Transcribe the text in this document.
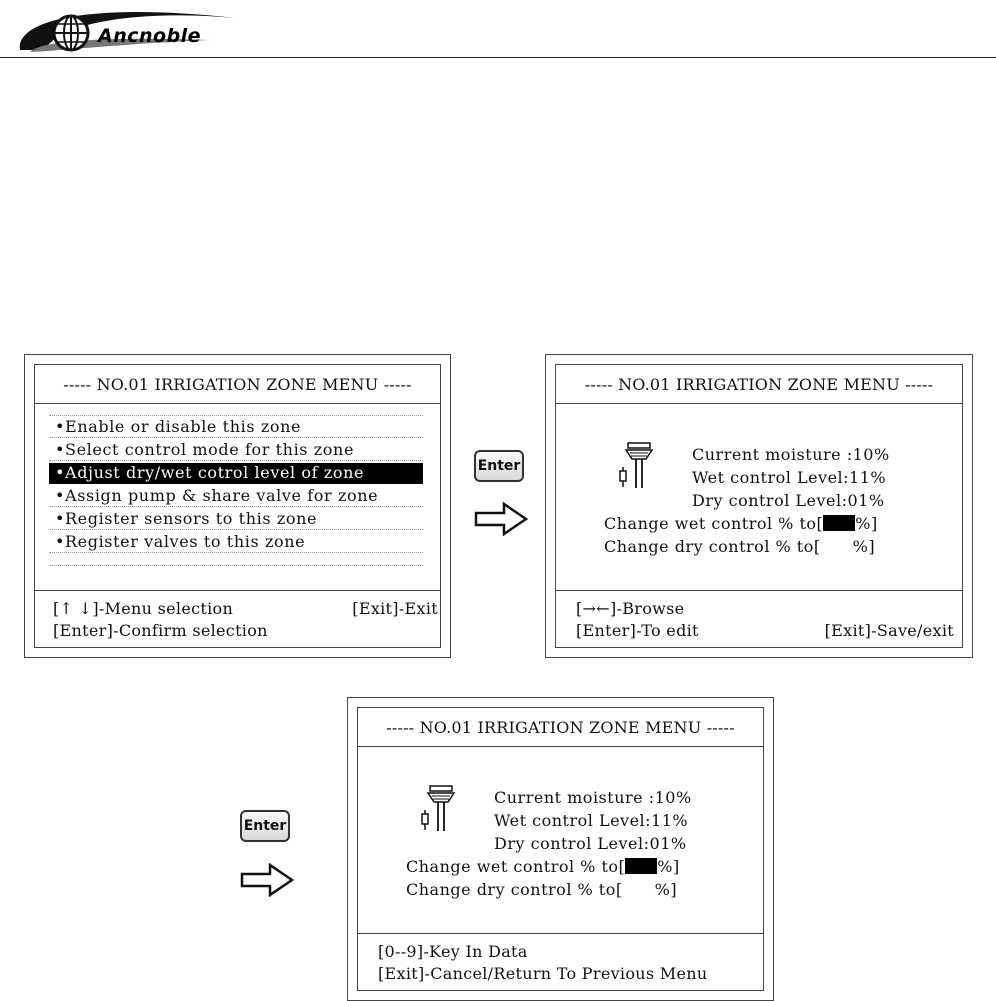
Ancnoble
----- NO.01 IRRIGATION ZONE MENU -----
•Enable or disable this zone
•Select control mode for this zone
•Adjust dry/wet cotrol level of zone
•Assign pump & share valve for zone
•Register sensors to this zone
•Register valves to this zone
[↑ ↓]-Menu selection	[Exit]-Exit
[Enter]-Confirm selection
Enter
----- NO.01 IRRIGATION ZONE MENU -----
Current moisture :10%
Wet control Level:11%
Dry control Level:01%
Change wet control % to[ %]
Change dry control % to[ %]
[→←]-Browse
[Enter]-To edit	[Exit]-Save/exit
Enter
----- NO.01 IRRIGATION ZONE MENU -----
Current moisture :10%
Wet control Level:11%
Dry control Level:01%
Change wet control % to[ %]
Change dry control % to[ %]
[0--9]-Key In Data
[Exit]-Cancel/Return To Previous Menu
